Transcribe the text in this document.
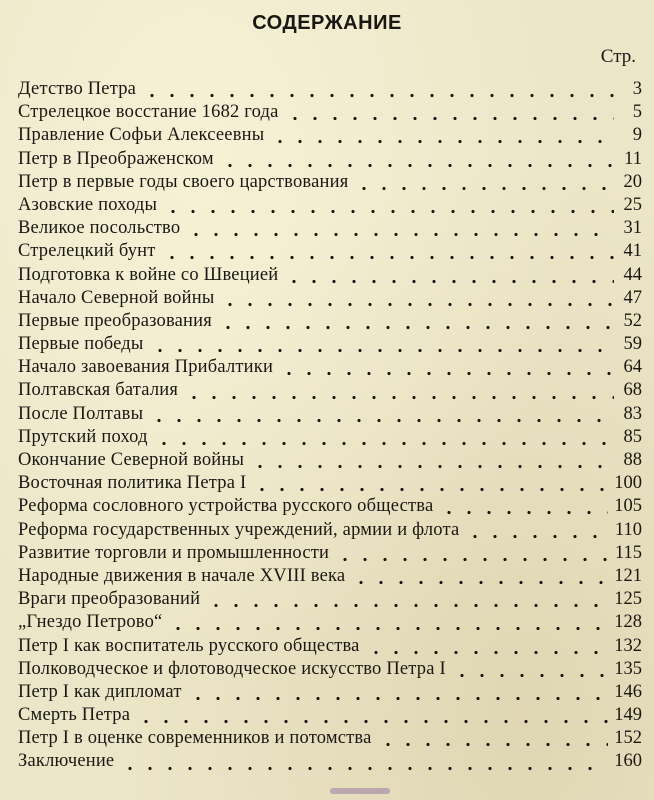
СОДЕРЖАНИЕ
Стр.
Детство Петра	3
Стрелецкое восстание 1682 года	5
Правление Софьи Алексеевны	9
Петр в Преображенском	11
Петр в первые годы своего царствования	20
Азовские походы	25
Великое посольство	31
Стрелецкий бунт	41
Подготовка к войне со Швецией	44
Начало Северной войны	47
Первые преобразования	52
Первые победы	59
Начало завоевания Прибалтики	64
Полтавская баталия	68
После Полтавы	83
Прутский поход	85
Окончание Северной войны	88
Восточная политика Петра I	100
Реформа сословного устройства русского общества	105
Реформа государственных учреждений, армии и флота	110
Развитие торговли и промышленности	115
Народные движения в начале XVIII века	121
Враги преобразований	125
„Гнездо Петрово“	128
Петр I как воспитатель русского общества	132
Полководческое и флотоводческое искусство Петра I	135
Петр I как дипломат	146
Смерть Петра	149
Петр I в оценке современников и потомства	152
Заключение	160
